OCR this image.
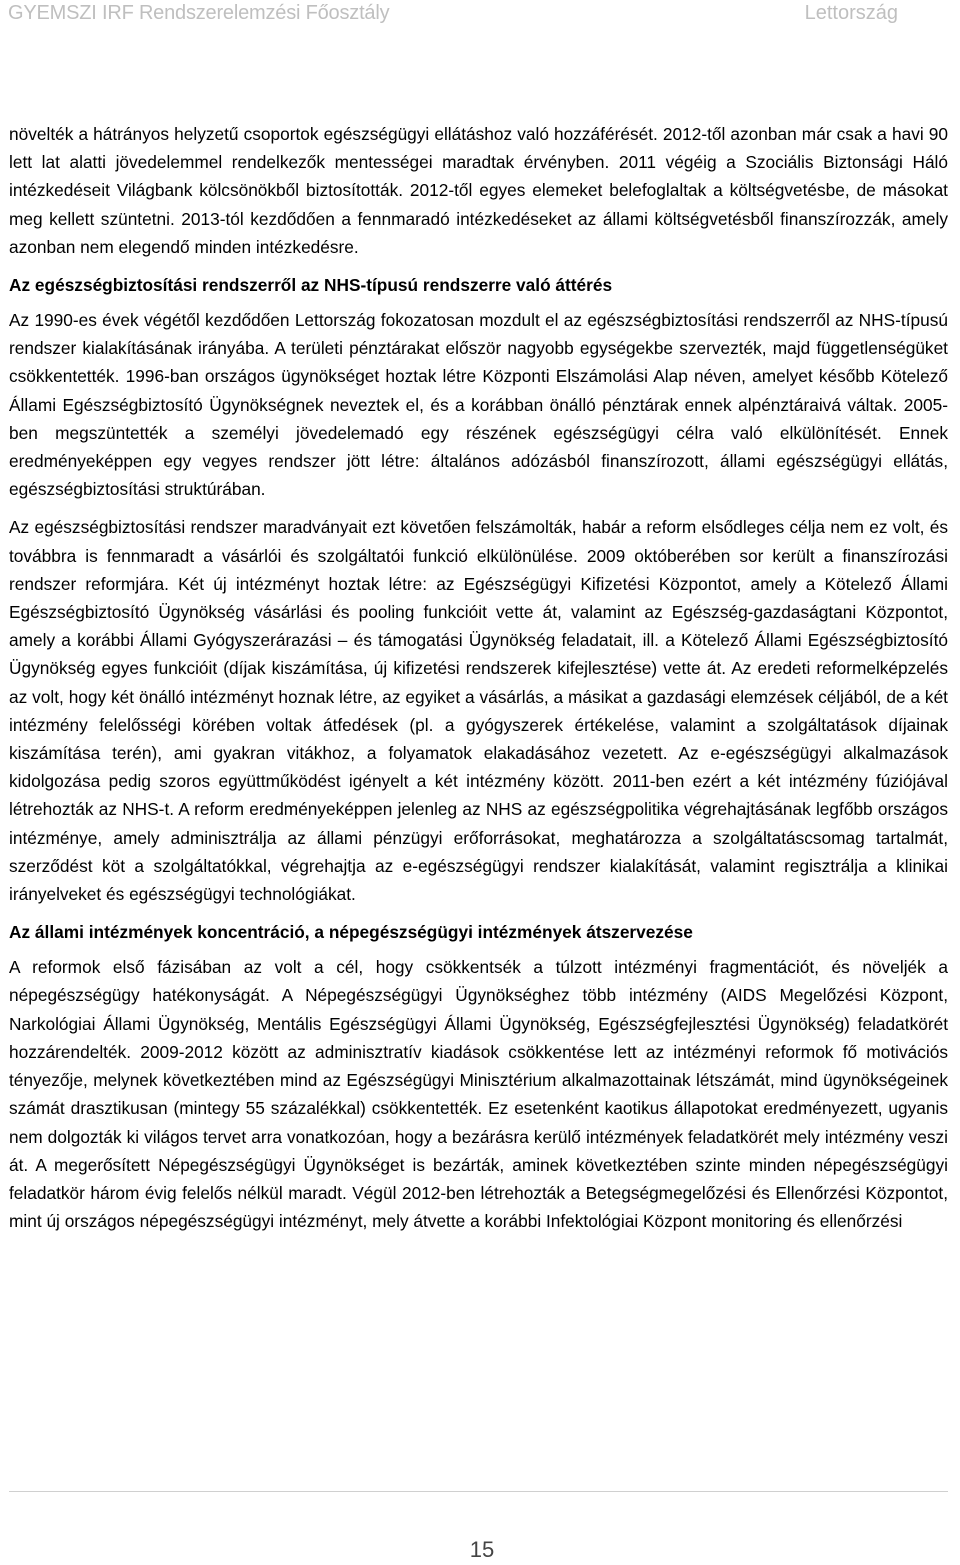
GYEMSZI IRF Rendszerelemzési Főosztály	Lettország

növelték a hátrányos helyzetű csoportok egészségügyi ellátáshoz való hozzáférését. 2012-től azonban már csak a havi 90 lett lat alatti jövedelemmel rendelkezők mentességei maradtak érvényben. 2011 végéig a Szociális Biztonsági Háló intézkedéseit Világbank kölcsönökből biztosították. 2012-től egyes elemeket belefoglaltak a költségvetésbe, de másokat meg kellett szüntetni. 2013-tól kezdődően a fennmaradó intézkedéseket az állami költségvetésből finanszírozzák, amely azonban nem elegendő minden intézkedésre.

Az egészségbiztosítási rendszerről az NHS-típusú rendszerre való áttérés

Az 1990-es évek végétől kezdődően Lettország fokozatosan mozdult el az egészségbiztosítási rendszerről az NHS-típusú rendszer kialakításának irányába. A területi pénztárakat először nagyobb egységekbe szervezték, majd függetlenségüket csökkentették. 1996-ban országos ügynökséget hoztak létre Központi Elszámolási Alap néven, amelyet később Kötelező Állami Egészségbiztosító Ügynökségnek neveztek el, és a korábban önálló pénztárak ennek alpénztáraivá váltak. 2005-ben megszüntették a személyi jövedelemadó egy részének egészségügyi célra való elkülönítését. Ennek eredményeképpen egy vegyes rendszer jött létre: általános adózásból finanszírozott, állami egészségügyi ellátás, egészségbiztosítási struktúrában.

Az egészségbiztosítási rendszer maradványait ezt követően felszámolták, habár a reform elsődleges célja nem ez volt, és továbbra is fennmaradt a vásárlói és szolgáltatói funkció elkülönülése. 2009 októberében sor került a finanszírozási rendszer reformjára. Két új intézményt hoztak létre: az Egészségügyi Kifizetési Központot, amely a Kötelező Állami Egészségbiztosító Ügynökség vásárlási és pooling funkcióit vette át, valamint az Egészség-gazdaságtani Központot, amely a korábbi Állami Gyógyszerárazási – és támogatási Ügynökség feladatait, ill. a Kötelező Állami Egészségbiztosító Ügynökség egyes funkcióit (díjak kiszámítása, új kifizetési rendszerek kifejlesztése) vette át. Az eredeti reformelképzelés az volt, hogy két önálló intézményt hoznak létre, az egyiket a vásárlás, a másikat a gazdasági elemzések céljából, de a két intézmény felelősségi körében voltak átfedések (pl. a gyógyszerek értékelése, valamint a szolgáltatások díjainak kiszámítása terén), ami gyakran vitákhoz, a folyamatok elakadásához vezetett. Az e-egészségügyi alkalmazások kidolgozása pedig szoros együttműködést igényelt a két intézmény között. 2011-ben ezért a két intézmény fúziójával létrehozták az NHS-t. A reform eredményeképpen jelenleg az NHS az egészségpolitika végrehajtásának legfőbb országos intézménye, amely adminisztrálja az állami pénzügyi erőforrásokat, meghatározza a szolgáltatáscsomag tartalmát, szerződést köt a szolgáltatókkal, végrehajtja az e-egészségügyi rendszer kialakítását, valamint regisztrálja a klinikai irányelveket és egészségügyi technológiákat.

Az állami intézmények koncentráció, a népegészségügyi intézmények átszervezése

A reformok első fázisában az volt a cél, hogy csökkentsék a túlzott intézményi fragmentációt, és növeljék a népegészségügy hatékonyságát. A Népegészségügyi Ügynökséghez több intézmény (AIDS Megelőzési Központ, Narkológiai Állami Ügynökség, Mentális Egészségügyi Állami Ügynökség, Egészségfejlesztési Ügynökség) feladatkörét hozzárendelték. 2009-2012 között az adminisztratív kiadások csökkentése lett az intézményi reformok fő motivációs tényezője, melynek következtében mind az Egészségügyi Minisztérium alkalmazottainak létszámát, mind ügynökségeinek számát drasztikusan (mintegy 55 százalékkal) csökkentették. Ez esetenként kaotikus állapotokat eredményezett, ugyanis nem dolgozták ki világos tervet arra vonatkozóan, hogy a bezárásra kerülő intézmények feladatkörét mely intézmény veszi át. A megerősített Népegészségügyi Ügynökséget is bezárták, aminek következtében szinte minden népegészségügyi feladatkör három évig felelős nélkül maradt. Végül 2012-ben létrehozták a Betegségmegelőzési és Ellenőrzési Központot, mint új országos népegészségügyi intézményt, mely átvette a korábbi Infektológiai Központ monitoring és ellenőrzési

15
